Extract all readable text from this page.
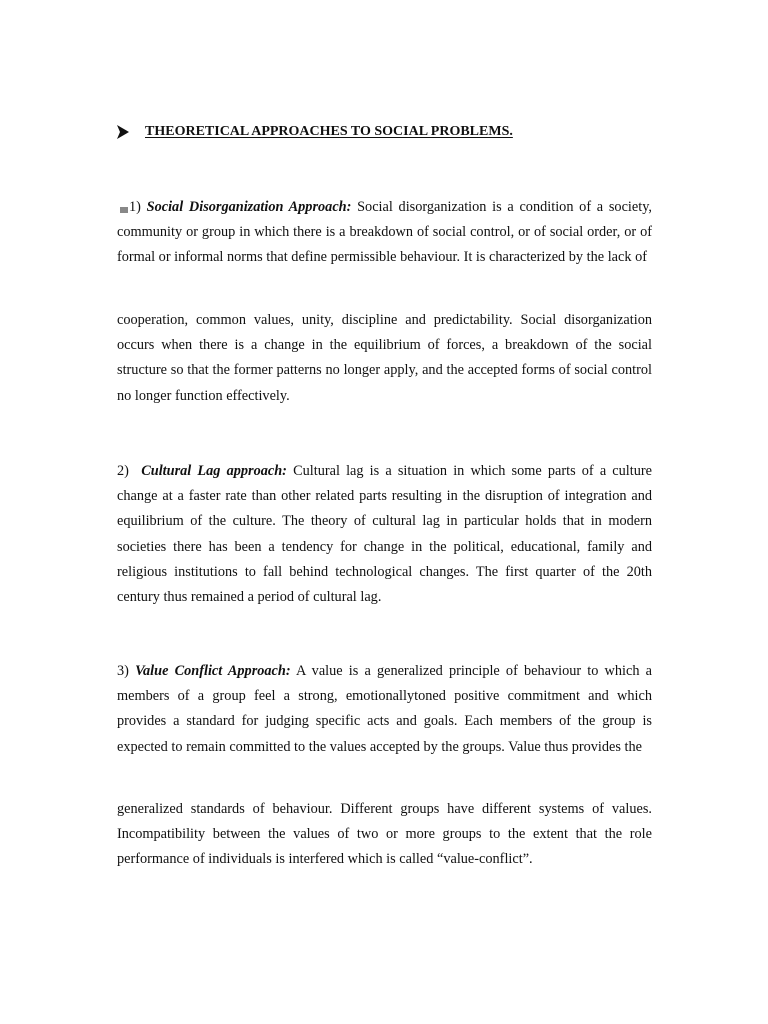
THEORETICAL APPROACHES TO SOCIAL PROBLEMS.

1) Social Disorganization Approach: Social disorganization is a condition of a society, community or group in which there is a breakdown of social control, or of social order, or of formal or informal norms that define permissible behaviour. It is characterized by the lack of

cooperation, common values, unity, discipline and predictability. Social disorganization occurs when there is a change in the equilibrium of forces, a breakdown of the social structure so that the former patterns no longer apply, and the accepted forms of social control no longer function effectively.

2) Cultural Lag approach: Cultural lag is a situation in which some parts of a culture change at a faster rate than other related parts resulting in the disruption of integration and equilibrium of the culture. The theory of cultural lag in particular holds that in modern societies there has been a tendency for change in the political, educational, family and religious institutions to fall behind technological changes. The first quarter of the 20th century thus remained a period of cultural lag.

3) Value Conflict Approach: A value is a generalized principle of behaviour to which a members of a group feel a strong, emotionallytoned positive commitment and which provides a standard for judging specific acts and goals. Each members of the group is expected to remain committed to the values accepted by the groups. Value thus provides the

generalized standards of behaviour. Different groups have different systems of values. Incompatibility between the values of two or more groups to the extent that the role performance of individuals is interfered which is called “value-conflict”.
